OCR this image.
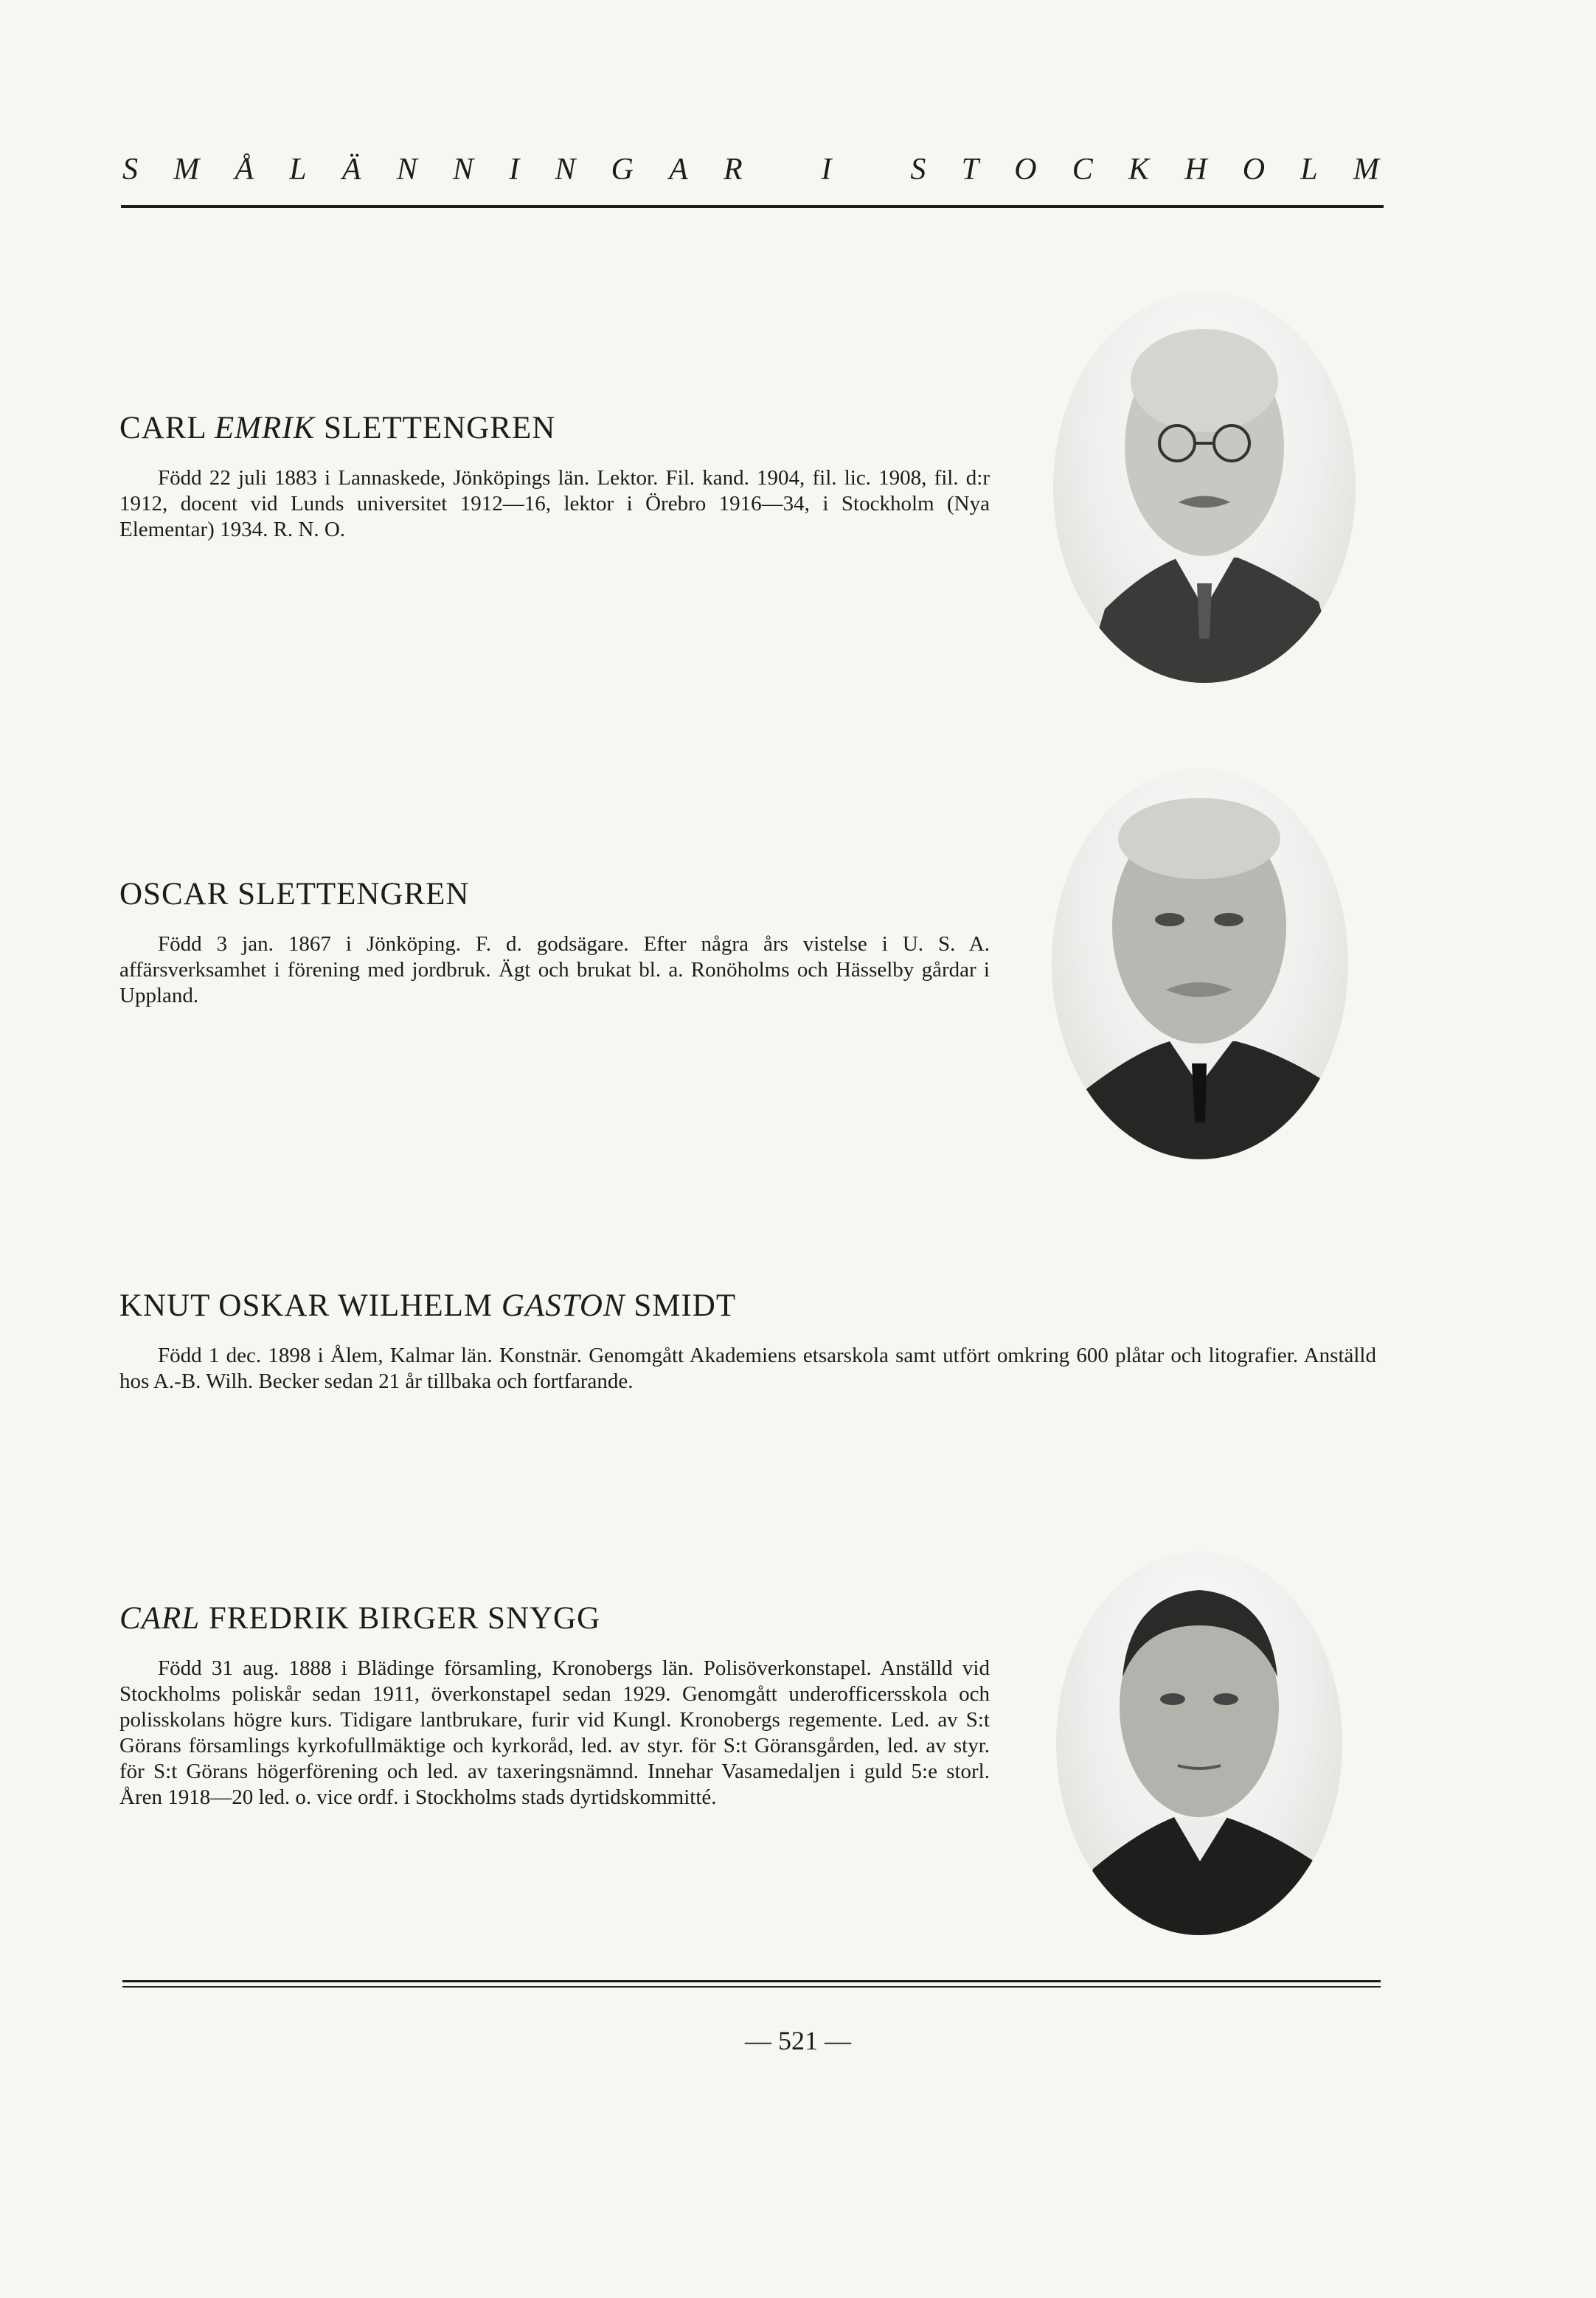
S M Å L Ä N N I N G A R
	I
	S T O C K H O L M
CARL EMRIK SLETTENGREN

Född 22 juli 1883 i Lannaskede, Jönköpings län. Lektor. Fil. kand. 1904, fil. lic. 1908, fil. d:r 1912, docent vid Lunds universitet 1912—16, lektor i Örebro 1916—34, i Stockholm (Nya Elementar) 1934. R. N. O.

OSCAR SLETTENGREN

Född 3 jan. 1867 i Jönköping. F. d. godsägare. Efter några års vistelse i U. S. A. affärsverksamhet i förening med jordbruk. Ägt och brukat bl. a. Ronöholms och Hässelby gårdar i Uppland.

KNUT OSKAR WILHELM GASTON SMIDT

Född 1 dec. 1898 i Ålem, Kalmar län. Konstnär. Genomgått Akademiens etsarskola samt utfört omkring 600 plåtar och litografier. Anställd hos A.-B. Wilh. Becker sedan 21 år tillbaka och fortfarande.

CARL FREDRIK BIRGER SNYGG

Född 31 aug. 1888 i Blädinge församling, Kronobergs län. Polisöverkonstapel. Anställd vid Stockholms poliskår sedan 1911, överkonstapel sedan 1929. Genomgått underofficersskola och polisskolans högre kurs. Tidigare lantbrukare, furir vid Kungl. Kronobergs regemente. Led. av S:t Görans församlings kyrkofullmäktige och kyrkoråd, led. av styr. för S:t Göransgården, led. av styr. för S:t Görans högerförening och led. av taxeringsnämnd. Innehar Vasamedaljen i guld 5:e storl. Åren 1918—20 led. o. vice ordf. i Stockholms stads dyrtidskommitté.

— 521 —
